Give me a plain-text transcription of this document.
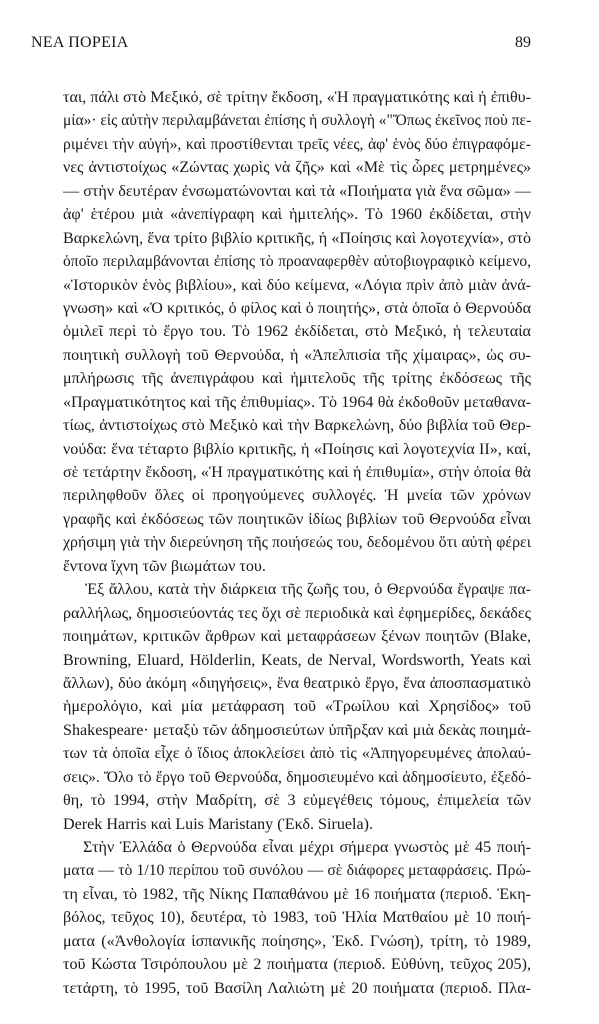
ΝΕΑ ΠΟΡΕΙΑ	89
ται, πάλι στὸ Μεξικό, σὲ τρίτην ἔκδοση, «Ἡ πραγματικότης καὶ ἡ ἐπιθυ-
μία»· εἰς αὐτὴν περιλαμβάνεται ἐπίσης ἡ συλλογὴ «"Ὅπως ἐκεῖνος ποὺ πε-
ριμένει τὴν αὐγή», καὶ προστίθενται τρεῖς νέες, ἀφ' ἑνὸς δύο ἐπιγραφόμε-
νες ἀντιστοίχως «Ζώντας χωρὶς νὰ ζῆς» καὶ «Μὲ τὶς ὧρες μετρημένες»
— στὴν δευτέραν ἐνσωματώνονται καὶ τὰ «Ποιήματα γιὰ ἕνα σῶμα» —
ἀφ' ἑτέρου μιὰ «ἀνεπίγραφη καὶ ἡμιτελής». Τὸ 1960 ἐκδίδεται, στὴν
Βαρκελώνη, ἕνα τρίτο βιβλίο κριτικῆς, ἡ «Ποίησις καὶ λογοτεχνία», στὸ
ὁποῖο περιλαμβάνονται ἐπίσης τὸ προαναφερθὲν αὐτοβιογραφικὸ κείμενο,
«Ἱστορικὸν ἑνὸς βιβλίου», καὶ δύο κείμενα, «Λόγια πρὶν ἀπὸ μιὰν ἀνά-
γνωση» καὶ «Ὁ κριτικός, ὁ φίλος καὶ ὁ ποιητής», στὰ ὁποῖα ὁ Θερνούδα
ὁμιλεῖ περὶ τὸ ἔργο του. Τὸ 1962 ἐκδίδεται, στὸ Μεξικό, ἡ τελευταία
ποιητικὴ συλλογὴ τοῦ Θερνούδα, ἡ «Ἀπελπισία τῆς χίμαιρας», ὡς συ-
μπλήρωσις τῆς ἀνεπιγράφου καὶ ἡμιτελοῦς τῆς τρίτης ἐκδόσεως τῆς
«Πραγματικότητος καὶ τῆς ἐπιθυμίας». Τὸ 1964 θὰ ἐκδοθοῦν μεταθανα-
τίως, ἀντιστοίχως στὸ Μεξικὸ καὶ τὴν Βαρκελώνη, δύο βιβλία τοῦ Θερ-
νούδα: ἕνα τέταρτο βιβλίο κριτικῆς, ἡ «Ποίησις καὶ λογοτεχνία ΙΙ», καί,
σὲ τετάρτην ἔκδοση, «Ἡ πραγματικότης καὶ ἡ ἐπιθυμία», στὴν ὁποία θὰ
περιληφθοῦν ὅλες οἱ προηγούμενες συλλογές. Ἡ μνεία τῶν χρόνων
γραφῆς καὶ ἐκδόσεως τῶν ποιητικῶν ἰδίως βιβλίων τοῦ Θερνούδα εἶναι
χρήσιμη γιὰ τὴν διερεύνηση τῆς ποιήσεώς του, δεδομένου ὅτι αὐτὴ φέρει
ἔντονα ἴχνη τῶν βιωμάτων του.
Ἐξ ἄλλου, κατὰ τὴν διάρκεια τῆς ζωῆς του, ὁ Θερνούδα ἔγραψε πα-
ραλλήλως, δημοσιεύοντάς τες ὄχι σὲ περιοδικὰ καὶ ἐφημερίδες, δεκάδες
ποιημάτων, κριτικῶν ἄρθρων καὶ μεταφράσεων ξένων ποιητῶν (Blake,
Browning, Eluard, Hölderlin, Keats, de Nerval, Wordsworth, Yeats καὶ
ἄλλων), δύο ἀκόμη «διηγήσεις», ἕνα θεατρικὸ ἔργο, ἕνα ἀποσπασματικὸ
ἡμερολόγιο, καὶ μία μετάφραση τοῦ «Τρωίλου καὶ Χρησίδος» τοῦ
Shakespeare· μεταξὺ τῶν ἀδημοσιεύτων ὑπῆρξαν καὶ μιὰ δεκὰς ποιημά-
των τὰ ὁποῖα εἶχε ὁ ἴδιος ἀποκλείσει ἀπὸ τὶς «Ἀπηγορευμένες ἀπολαύ-
σεις». Ὅλο τὸ ἔργο τοῦ Θερνούδα, δημοσιευμένο καὶ ἀδημοσίευτο, ἐξεδό-
θη, τὸ 1994, στὴν Μαδρίτη, σὲ 3 εὐμεγέθεις τόμους, ἐπιμελεία τῶν
Derek Harris καὶ Luis Maristany (Ἐκδ. Siruela).
Στὴν Ἑλλάδα ὁ Θερνούδα εἶναι μέχρι σήμερα γνωστὸς μὲ 45 ποιή-
ματα — τὸ 1/10 περίπου τοῦ συνόλου — σὲ διάφορες μεταφράσεις. Πρώ-
τη εἶναι, τὸ 1982, τῆς Νίκης Παπαθάνου μὲ 16 ποιήματα (περιοδ. Ἐκη-
βόλος, τεῦχος 10), δευτέρα, τὸ 1983, τοῦ Ἠλία Ματθαίου μὲ 10 ποιή-
ματα («Ἀνθολογία ἱσπανικῆς ποίησης», Ἐκδ. Γνώση), τρίτη, τὸ 1989,
τοῦ Κώστα Τσιρόπουλου μὲ 2 ποιήματα (περιοδ. Εὐθύνη, τεῦχος 205),
τετάρτη, τὸ 1995, τοῦ Βασίλη Λαλιώτη μὲ 20 ποιήματα (περιοδ. Πλα-
